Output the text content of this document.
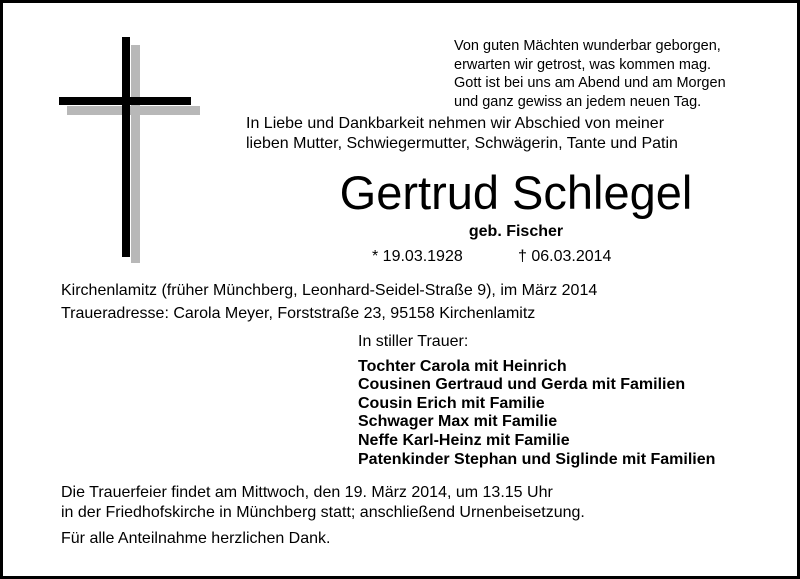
Von guten Mächten wunderbar geborgen,
erwarten wir getrost, was kommen mag.
Gott ist bei uns am Abend und am Morgen
und ganz gewiss an jedem neuen Tag.
In Liebe und Dankbarkeit nehmen wir Abschied von meiner
lieben Mutter, Schwiegermutter, Schwägerin, Tante und Patin
Gertrud Schlegel
geb. Fischer
* 19.03.1928	† 06.03.2014
Kirchenlamitz (früher Münchberg, Leonhard-Seidel-Straße 9), im März 2014
Traueradresse: Carola Meyer, Forststraße 23, 95158 Kirchenlamitz
In stiller Trauer:
Tochter Carola mit Heinrich
Cousinen Gertraud und Gerda mit Familien
Cousin Erich mit Familie
Schwager Max mit Familie
Neffe Karl-Heinz mit Familie
Patenkinder Stephan und Siglinde mit Familien
Die Trauerfeier findet am Mittwoch, den 19. März 2014, um 13.15 Uhr
in der Friedhofskirche in Münchberg statt; anschließend Urnenbeisetzung.
Für alle Anteilnahme herzlichen Dank.
